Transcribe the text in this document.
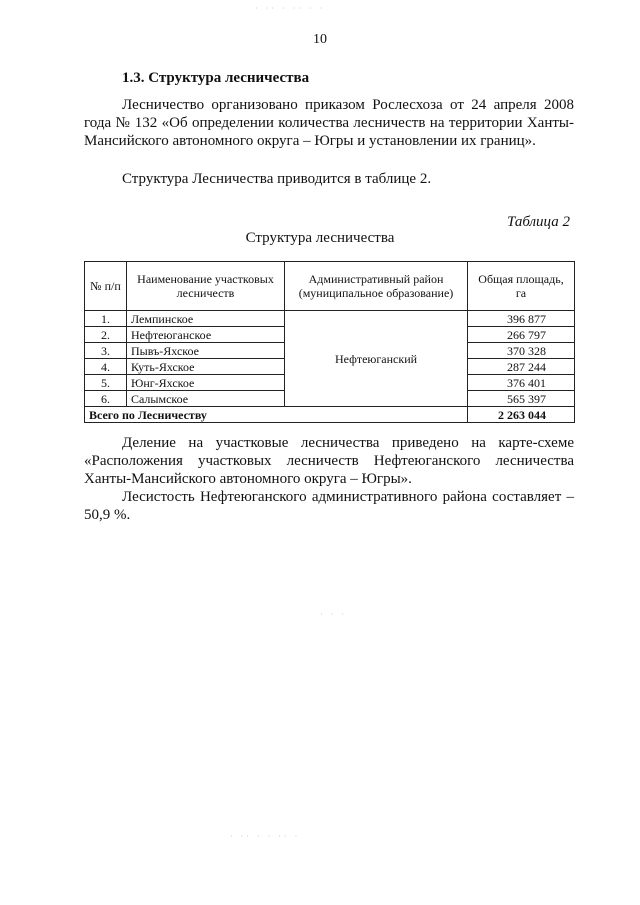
· ·· · ·· · ·
10
1.3. Структура лесничества
Лесничество организовано приказом Рослесхоза от 24 апреля 2008 года № 132 «Об определении количества лесничеств на территории Ханты-Мансийского автономного округа – Югры и установлении их границ».
Структура Лесничества приводится в таблице 2.
Таблица 2
Структура лесничества
№ п/п	Наименование участковых лесничеств	Административный район (муниципальное образование)	Общая площадь, га
1.	Лемпинское	Нефтеюганский	396 877
2.	Нефтеюганское		266 797
3.	Пывъ-Яхское		370 328
4.	Куть-Яхское		287 244
5.	Юнг-Яхское		376 401
6.	Салымское		565 397
Всего по Лесничеству			2 263 044
Деление на участковые лесничества приведено на карте-схеме «Расположения участковых лесничеств Нефтеюганского лесничества Ханты-Мансийского автономного округа – Югры».
Лесистость Нефтеюганского административного района составляет – 50,9 %.
· · ·
· ·· · · ·· ·
